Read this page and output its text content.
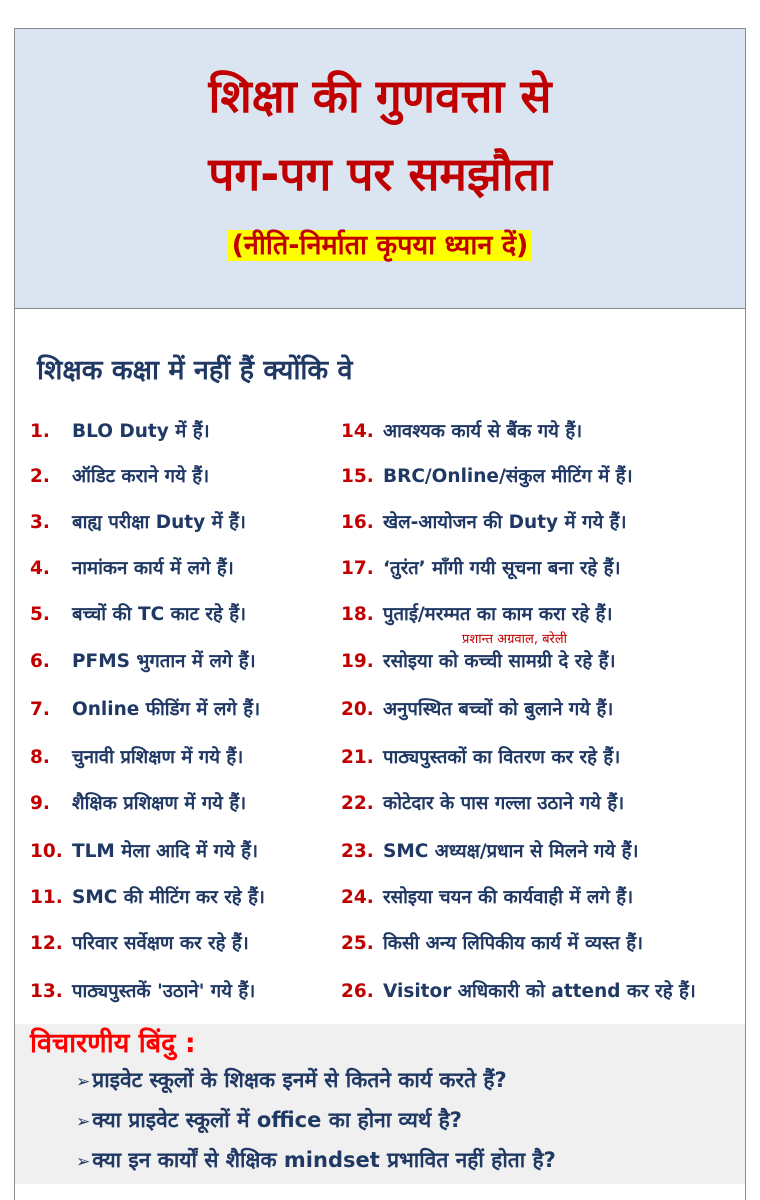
शिक्षा की गुणवत्ता से
पग-पग पर समझौता
(नीति-निर्माता कृपया ध्यान दें)
शिक्षक कक्षा में नहीं हैं क्योंकि वे
1. BLO Duty में हैं।
2. ऑडिट कराने गये हैं।
3. बाह्य परीक्षा Duty में हैं।
4. नामांकन कार्य में लगे हैं।
5. बच्चों की TC काट रहे हैं।
6. PFMS भुगतान में लगे हैं।
7. Online फीडिंग में लगे हैं।
8. चुनावी प्रशिक्षण में गये हैं।
9. शैक्षिक प्रशिक्षण में गये हैं।
10. TLM मेला आदि में गये हैं।
11. SMC की मीटिंग कर रहे हैं।
12. परिवार सर्वेक्षण कर रहे हैं।
13. पाठ्यपुस्तकें 'उठाने' गये हैं।
14. आवश्यक कार्य से बैंक गये हैं।
15. BRC/Online/संकुल मीटिंग में हैं।
16. खेल-आयोजन की Duty में गये हैं।
17. ‘तुरंत’ माँगी गयी सूचना बना रहे हैं।
18. पुताई/मरम्मत का काम करा रहे हैं।
19. रसोइया को कच्ची सामग्री दे रहे हैं।
20. अनुपस्थित बच्चों को बुलाने गये हैं।
21. पाठ्यपुस्तकों का वितरण कर रहे हैं।
22. कोटेदार के पास गल्ला उठाने गये हैं।
23. SMC अध्यक्ष/प्रधान से मिलने गये हैं।
24. रसोइया चयन की कार्यवाही में लगे हैं।
25. किसी अन्य लिपिकीय कार्य में व्यस्त हैं।
26. Visitor अधिकारी को attend कर रहे हैं।
प्रशान्त अग्रवाल, बरेली
विचारणीय बिंदु :
➢प्राइवेट स्कूलों के शिक्षक इनमें से कितने कार्य करते हैं?
➢क्या प्राइवेट स्कूलों में office का होना व्यर्थ है?
➢क्या इन कार्यों से शैक्षिक mindset प्रभावित नहीं होता है?
